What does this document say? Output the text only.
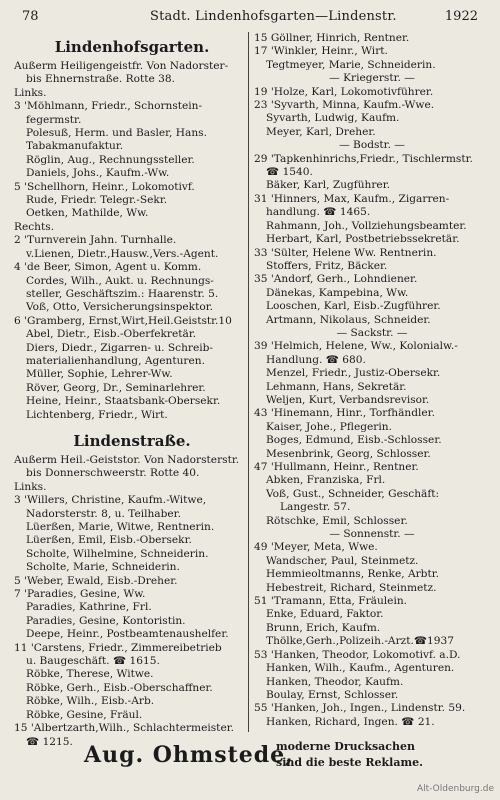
78	Stadt. Lindenhofsgarten—Lindenstr.	1922
Lindenhofsgarten.
Außerm Heiligengeistfr. Von Nadorster-
bis Ehnernstraße. Rotte 38.
Links.
3 'Möhlmann, Friedr., Schornstein-
fegermstr.
Polesuß, Herm. und Basler, Hans.
Tabakmanufaktur.
Röglin, Aug., Rechnungssteller.
Daniels, Johs., Kaufm.-Ww.
5 'Schellhorn, Heinr., Lokomotivf.
Rude, Friedr. Telegr.-Sekr.
Oetken, Mathilde, Ww.
Rechts.
2 'Turnverein Jahn. Turnhalle.
v.Lienen, Dietr.,Hausw.,Vers.-Agent.
4 'de Beer, Simon, Agent u. Komm.
Cordes, Wilh., Aukt. u. Rechnungs-
steller, Geschäftszim.: Haarenstr. 5.
Voß, Otto, Versicherungsinspektor.
6 'Gramberg, Ernst,Wirt,Heil.Geiststr.10
Abel, Dietr., Eisb.-Oberfekretär.
Diers, Diedr., Zigarren- u. Schreib-
materialienhandlung, Agenturen.
Müller, Sophie, Lehrer-Ww.
Röver, Georg, Dr., Seminarlehrer.
Heine, Heinr., Staatsbank-Obersekr.
Lichtenberg, Friedr., Wirt.
Lindenstraße.
Außerm Heil.-Geiststor. Von Nadorsterstr.
bis Donnerschweerstr. Rotte 40.
Links.
3 'Willers, Christine, Kaufm.-Witwe,
Nadorsterstr. 8, u. Teilhaber.
Lüerßen, Marie, Witwe, Rentnerin.
Lüerßen, Emil, Eisb.-Obersekr.
Scholte, Wilhelmine, Schneiderin.
Scholte, Marie, Schneiderin.
5 'Weber, Ewald, Eisb.-Dreher.
7 'Paradies, Gesine, Ww.
Paradies, Kathrine, Frl.
Paradies, Gesine, Kontoristin.
Deepe, Heinr., Postbeamtenaushelfer.
11 'Carstens, Friedr., Zimmereibetrieb
u. Baugeschäft. ☎ 1615.
Röbke, Therese, Witwe.
Röbke, Gerh., Eisb.-Oberschaffner.
Röbke, Wilh., Eisb.-Arb.
Röbke, Gesine, Fräul.
15 'Albertzarth,Wilh., Schlachtermeister.
☎ 1215.
15 Göllner, Hinrich, Rentner.
17 'Winkler, Heinr., Wirt.
Tegtmeyer, Marie, Schneiderin.
— Kriegerstr. —
19 'Holze, Karl, Lokomotivführer.
23 'Syvarth, Minna, Kaufm.-Wwe.
Syvarth, Ludwig, Kaufm.
Meyer, Karl, Dreher.
— Bodstr. —
29 'Tapkenhinrichs,Friedr., Tischlermstr.
☎ 1540.
Bäker, Karl, Zugführer.
31 'Hinners, Max, Kaufm., Zigarren-
handlung. ☎ 1465.
Rahmann, Joh., Vollziehungsbeamter.
Herbart, Karl, Postbetriebssekretär.
33 'Sülter, Helene Ww. Rentnerin.
Stoffers, Fritz, Bäcker.
35 'Andorf, Gerh., Lohndiener.
Dänekas, Kampebina, Ww.
Looschen, Karl, Eisb.-Zugführer.
Artmann, Nikolaus, Schneider.
— Sackstr. —
39 'Helmich, Helene, Ww., Kolonialw.-
Handlung. ☎ 680.
Menzel, Friedr., Justiz-Obersekr.
Lehmann, Hans, Sekretär.
Weljen, Kurt, Verbandsrevisor.
43 'Hinemann, Hinr., Torfhändler.
Kaiser, Johe., Pflegerin.
Boges, Edmund, Eisb.-Schlosser.
Mesenbrink, Georg, Schlosser.
47 'Hullmann, Heinr., Rentner.
Abken, Franziska, Frl.
Voß, Gust., Schneider, Geschäft:
Langestr. 57.
Rötschke, Emil, Schlosser.
— Sonnenstr. —
49 'Meyer, Meta, Wwe.
Wandscher, Paul, Steinmetz.
Hemmieoltmanns, Renke, Arbtr.
Hebestreit, Richard, Steinmetz.
51 'Tramann, Etta, Fräulein.
Enke, Eduard, Faktor.
Brunn, Erich, Kaufm.
Thölke,Gerh.,Polizeih.-Arzt.☎1937
53 'Hanken, Theodor, Lokomotivf. a.D.
Hanken, Wilh., Kaufm., Agenturen.
Hanken, Theodor, Kaufm.
Boulay, Ernst, Schlosser.
55 'Hanken, Joh., Ingen., Lindenstr. 59.
Hanken, Richard, Ingen. ☎ 21.
Aug. Ohmstede,
moderne Drucksachen
sind die beste Reklame.
Alt-Oldenburg.de
